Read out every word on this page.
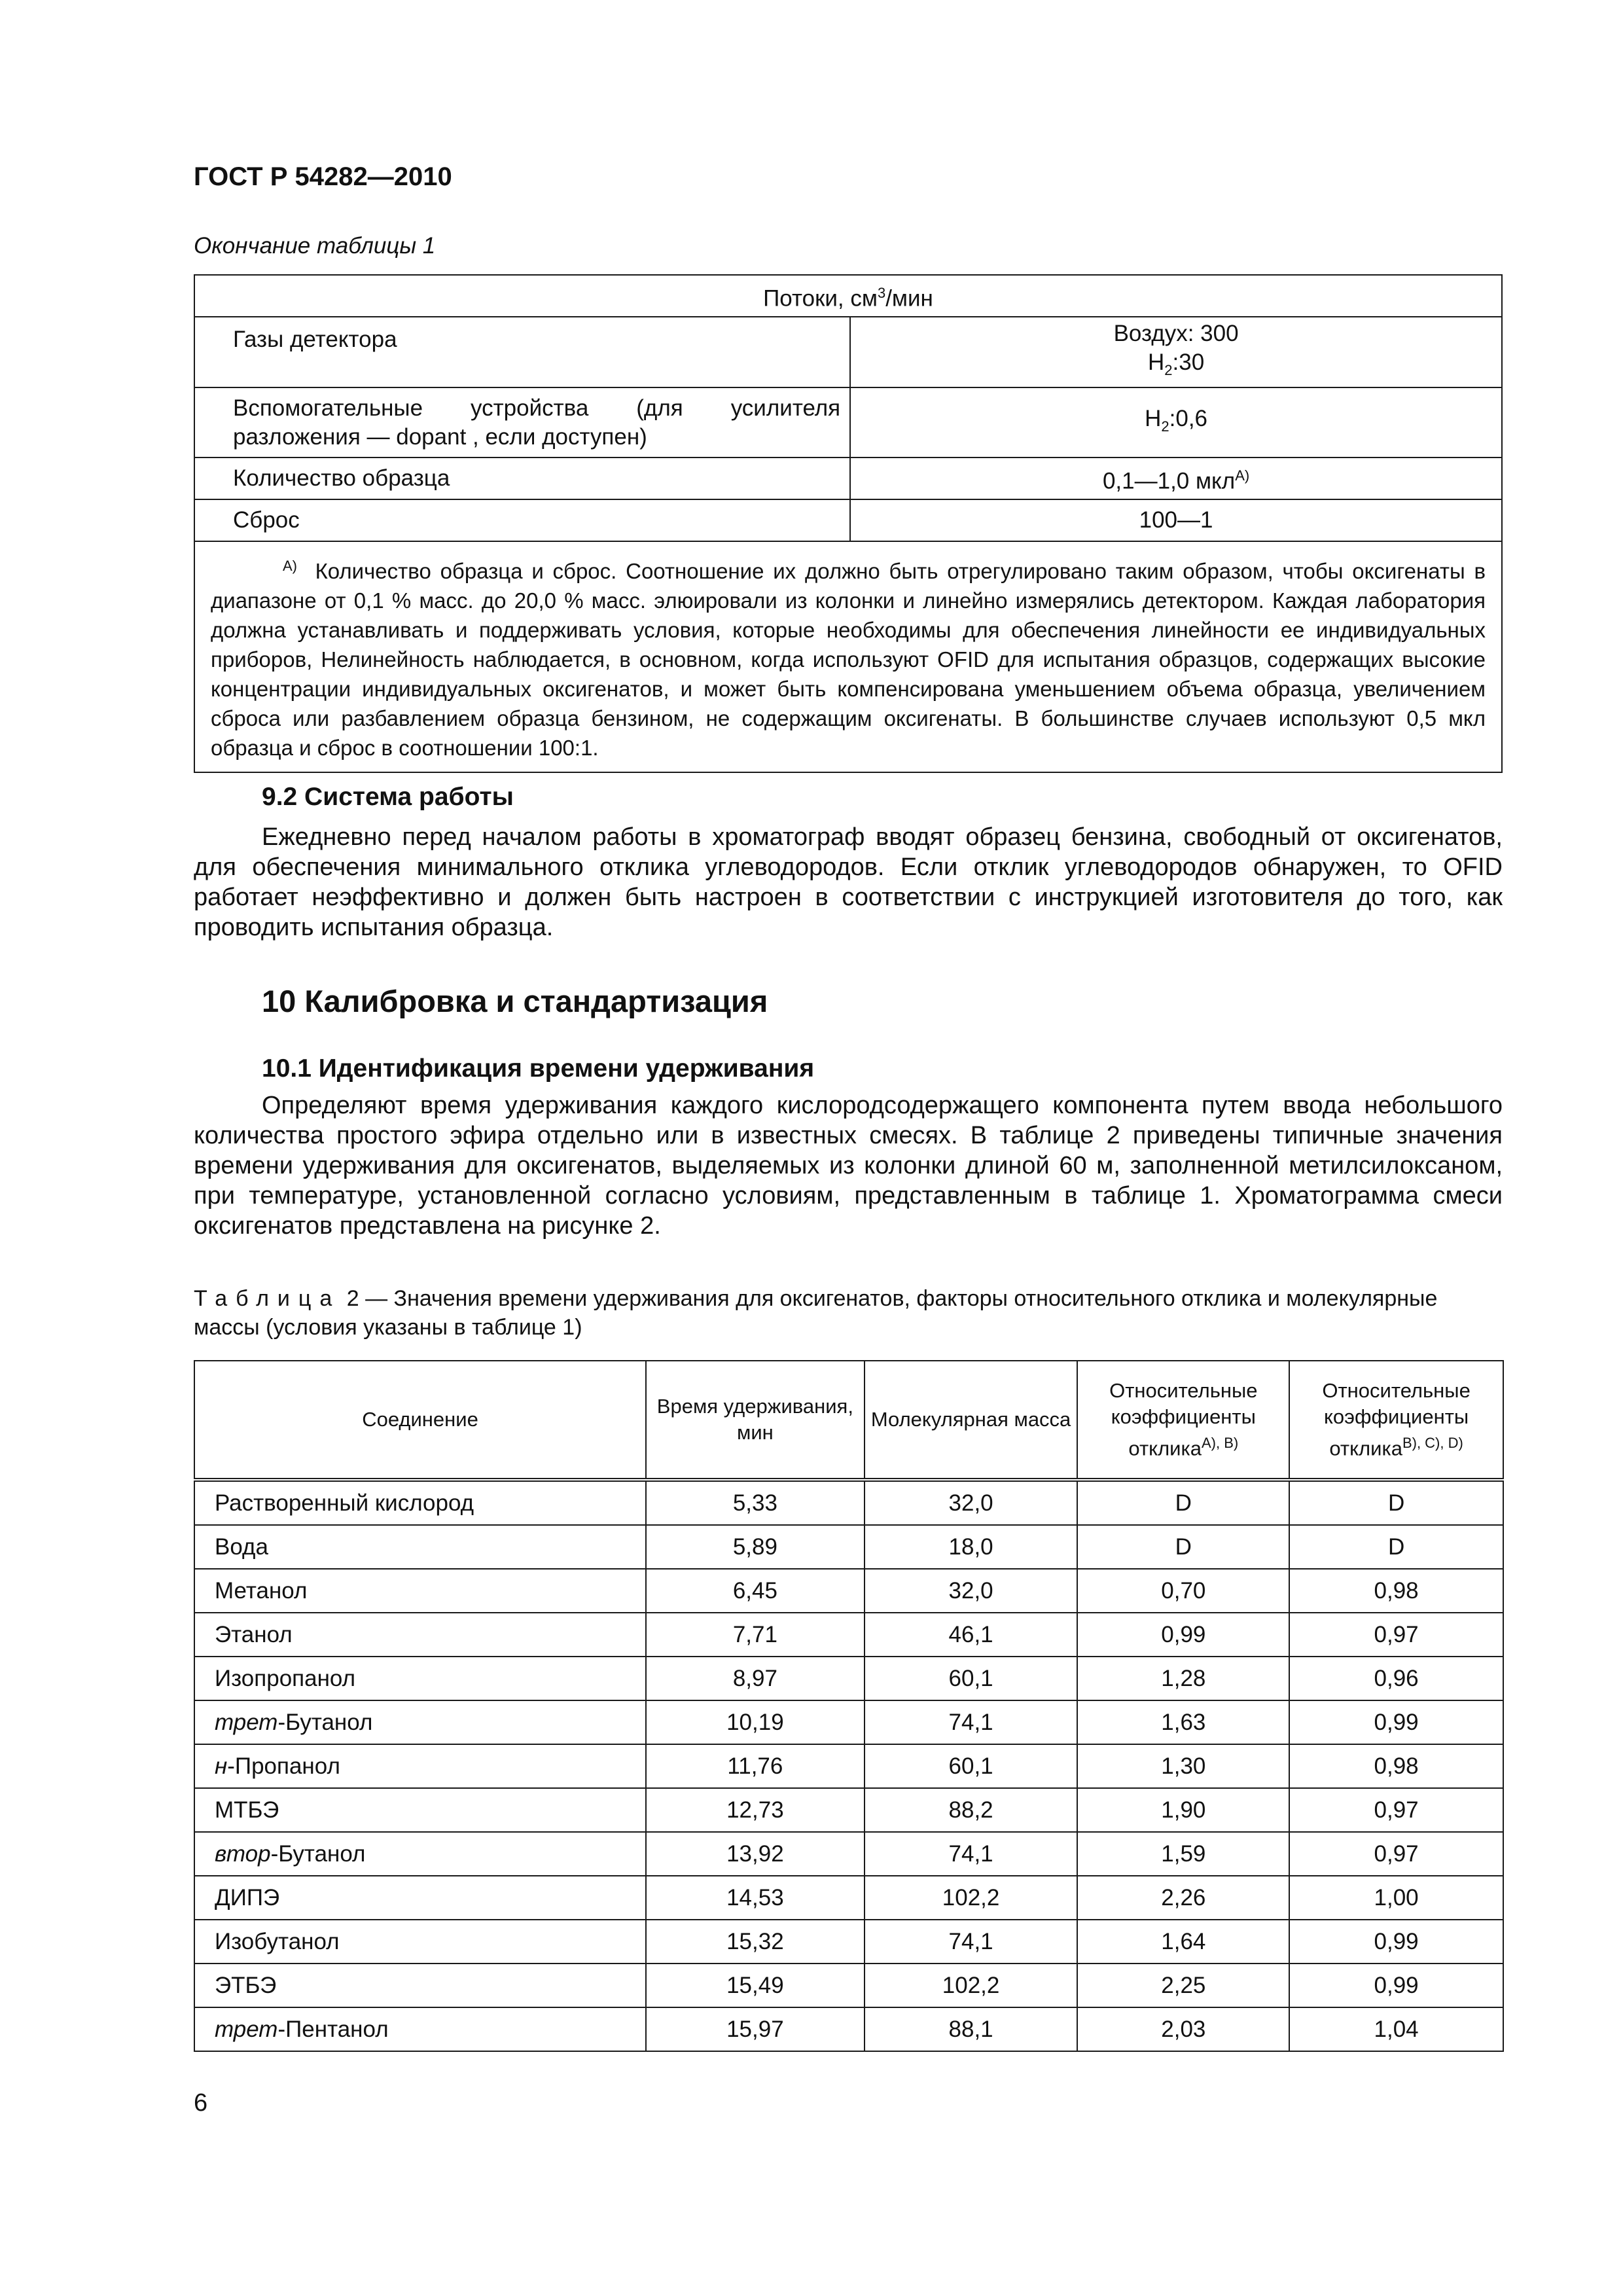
ГОСТ Р 54282—2010
Окончание таблицы 1
Потоки, $см^3$/мин	
Газы детектора	Воздух: 300
$H_2:30$

Вспомогательные устройства (для усилителя разложения — dopant , если доступен)	$H_2:0,6$
Количество образца	0,1—1,0 мкл$^{A)}$
Сброс	100—1
$^{A)}$ Количество образца и сброс. Соотношение их должно быть отрегулировано таким образом, чтобы оксигенаты в диапазоне от 0,1 % масс. до 20,0 % масс. элюировали из колонки и линейно измерялись детектором. Каждая лаборатория должна устанавливать и поддерживать условия, которые необходимы для обеспечения линейности ее индивидуальных приборов, Нелинейность наблюдается, в основном, когда используют OFID для испытания образцов, содержащих высокие концентрации индивидуальных оксигенатов, и может быть компенсирована уменьшением объема образца, увеличением сброса или разбавлением образца бензином, не содержащим оксигенаты. В большинстве случаев используют 0,5 мкл образца и сброс в соотношении 100:1.	
9.2 Система работы
Ежедневно перед началом работы в хроматограф вводят образец бензина, свободный от оксигенатов, для обеспечения минимального отклика углеводородов. Если отклик углеводородов обнаружен, то OFID работает неэффективно и должен быть настроен в соответствии с инструкцией изготовителя до того, как проводить испытания образца.
10 Калибровка и стандартизация
10.1 Идентификация времени удерживания
Определяют время удерживания каждого кислородсодержащего компонента путем ввода небольшого количества простого эфира отдельно или в известных смесях. В таблице 2 приведены типичные значения времени удерживания для оксигенатов, выделяемых из колонки длиной 60 м, заполненной метилсилоксаном, при температуре, установленной согласно условиям, представленным в таблице 1. Хроматограмма смеси оксигенатов представлена на рисунке 2.
Таблица 2 — Значения времени удерживания для оксигенатов, факторы относительного отклика и молекулярные массы (условия указаны в таблице 1)
Соединение	Время удерживания, мин	Молекулярная масса	Относительные коэффициенты отклика$^{A), B)}$	Относительные коэффициенты отклика$^{B), C), D)}$
Растворенный кислород	5,33	32,0	D	D
Вода	5,89	18,0	D	D
Метанол	6,45	32,0	0,70	0,98
Этанол	7,71	46,1	0,99	0,97
Изопропанол	8,97	60,1	1,28	0,96
трет-Бутанол	10,19	74,1	1,63	0,99
н-Пропанол	11,76	60,1	1,30	0,98
МТБЭ	12,73	88,2	1,90	0,97
втор-Бутанол	13,92	74,1	1,59	0,97
ДИПЭ	14,53	102,2	2,26	1,00
Изобутанол	15,32	74,1	1,64	0,99
ЭТБЭ	15,49	102,2	2,25	0,99
трет-Пентанол	15,97	88,1	2,03	1,04
6
